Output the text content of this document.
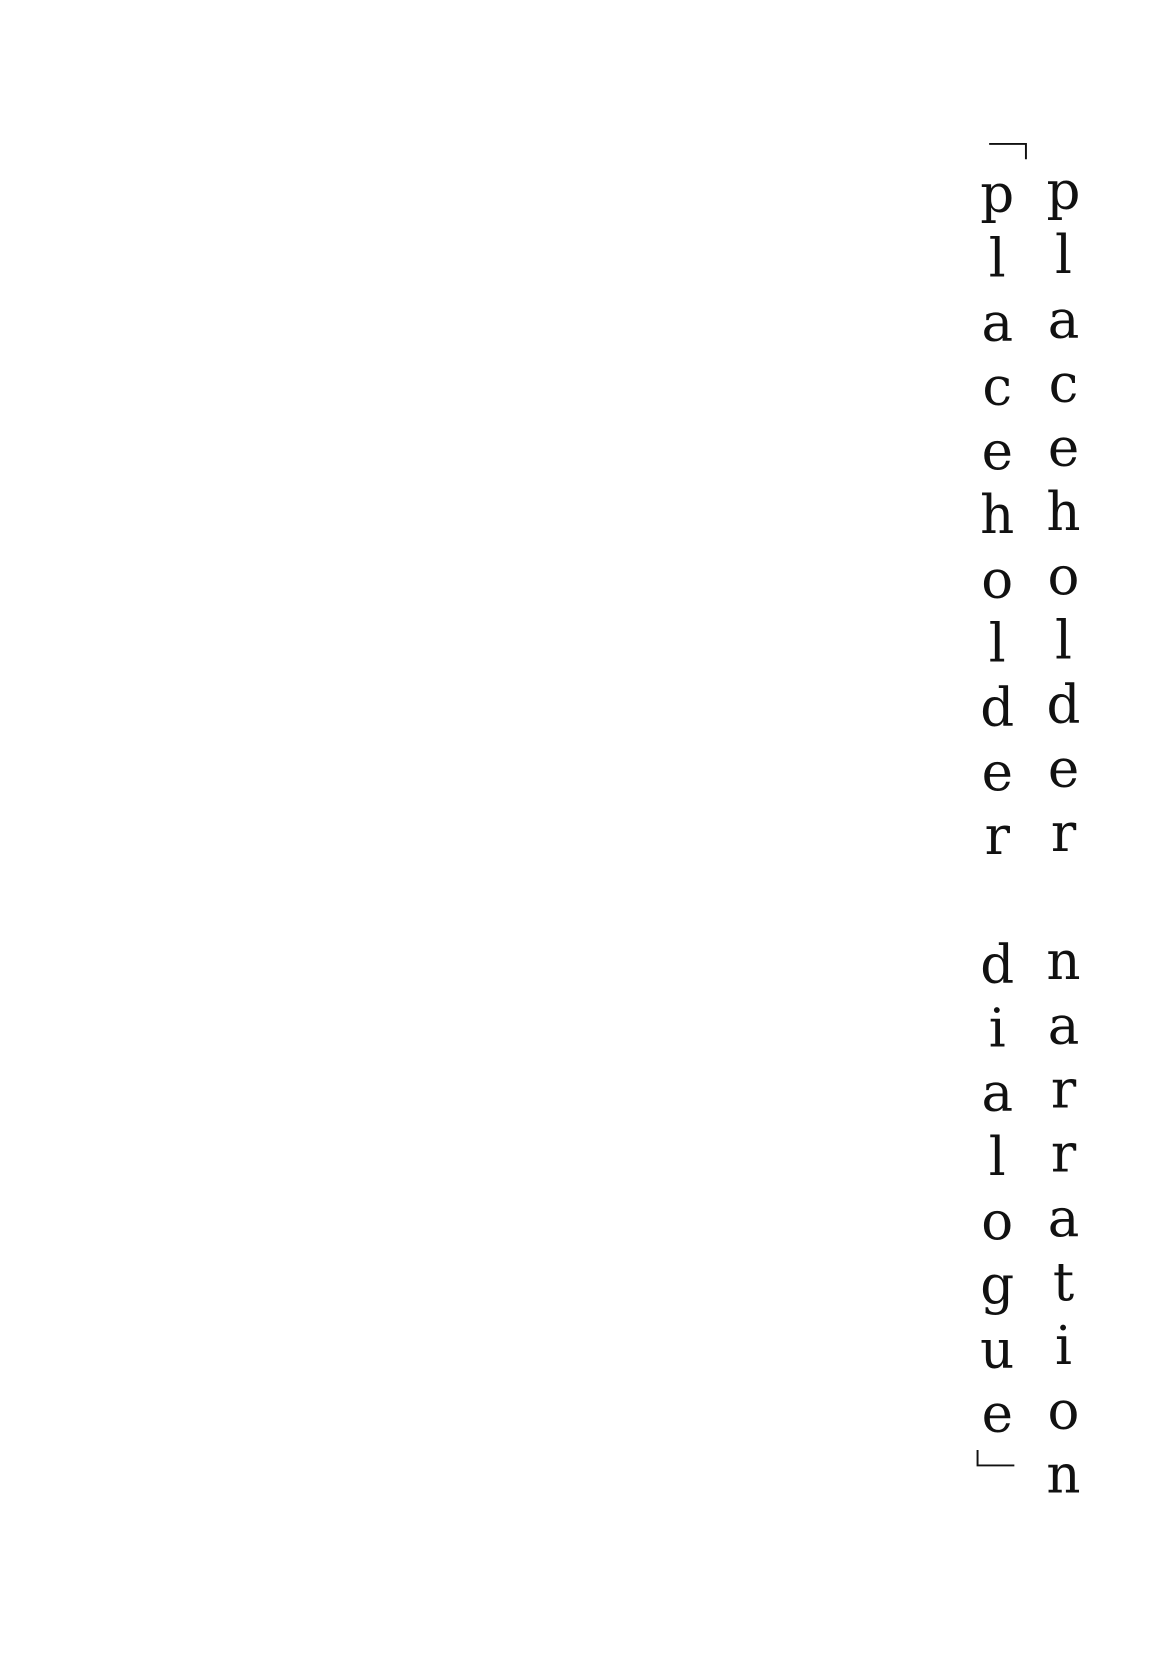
placeholder narration

「placeholder dialogue」
